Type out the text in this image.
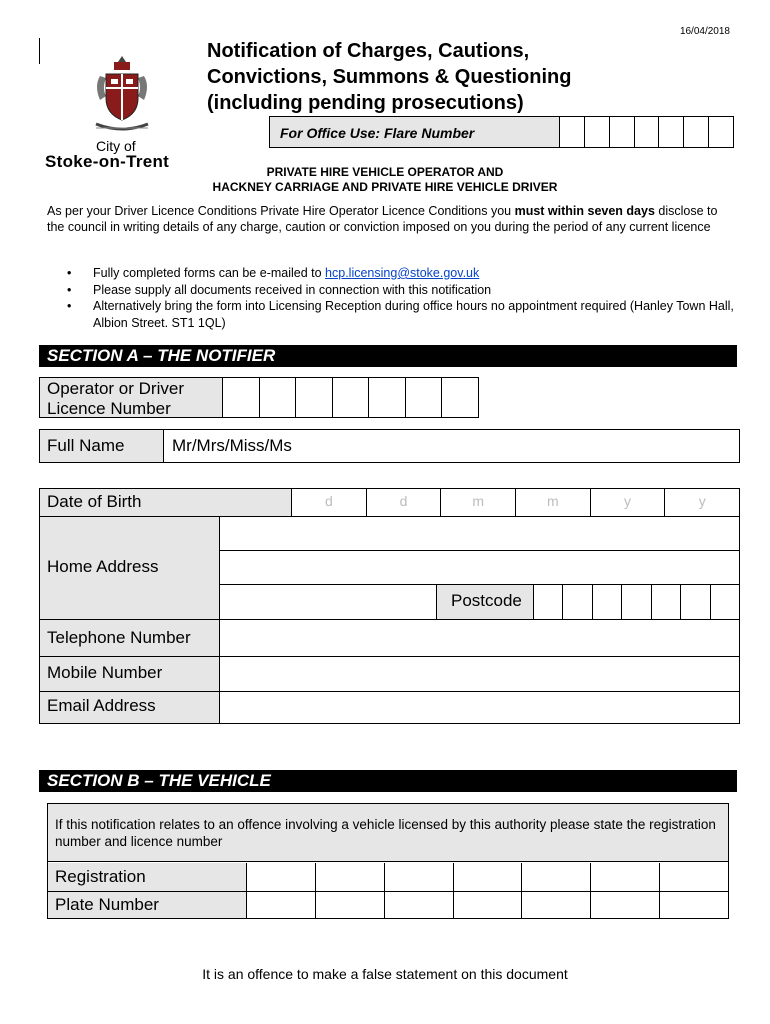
16/04/2018
Notification of Charges, Cautions,
Convictions, Summons & Questioning
(including pending prosecutions)
City of
Stoke-on-Trent
For Office Use: Flare Number
PRIVATE HIRE VEHICLE OPERATOR AND
HACKNEY CARRIAGE AND PRIVATE HIRE VEHICLE DRIVER
As per your Driver Licence Conditions Private Hire Operator Licence Conditions you must within seven days disclose to the council in writing details of any charge, caution or conviction imposed on you during the period of any current licence
• Fully completed forms can be e-mailed to hcp.licensing@stoke.gov.uk
• Please supply all documents received in connection with this notification
• Alternatively bring the form into Licensing Reception during office hours no appointment required (Hanley Town Hall, Albion Street. ST1 1QL)
SECTION A – THE NOTIFIER
Operator or Driver
Licence Number
Full Name	Mr/Mrs/Miss/Ms
Date of Birth	d	d	m	m	y	y
Home Address
Postcode
Telephone Number
Mobile Number
Email Address
SECTION B – THE VEHICLE
If this notification relates to an offence involving a vehicle licensed by this authority please state the registration number and licence number
Registration
Plate Number
It is an offence to make a false statement on this document
